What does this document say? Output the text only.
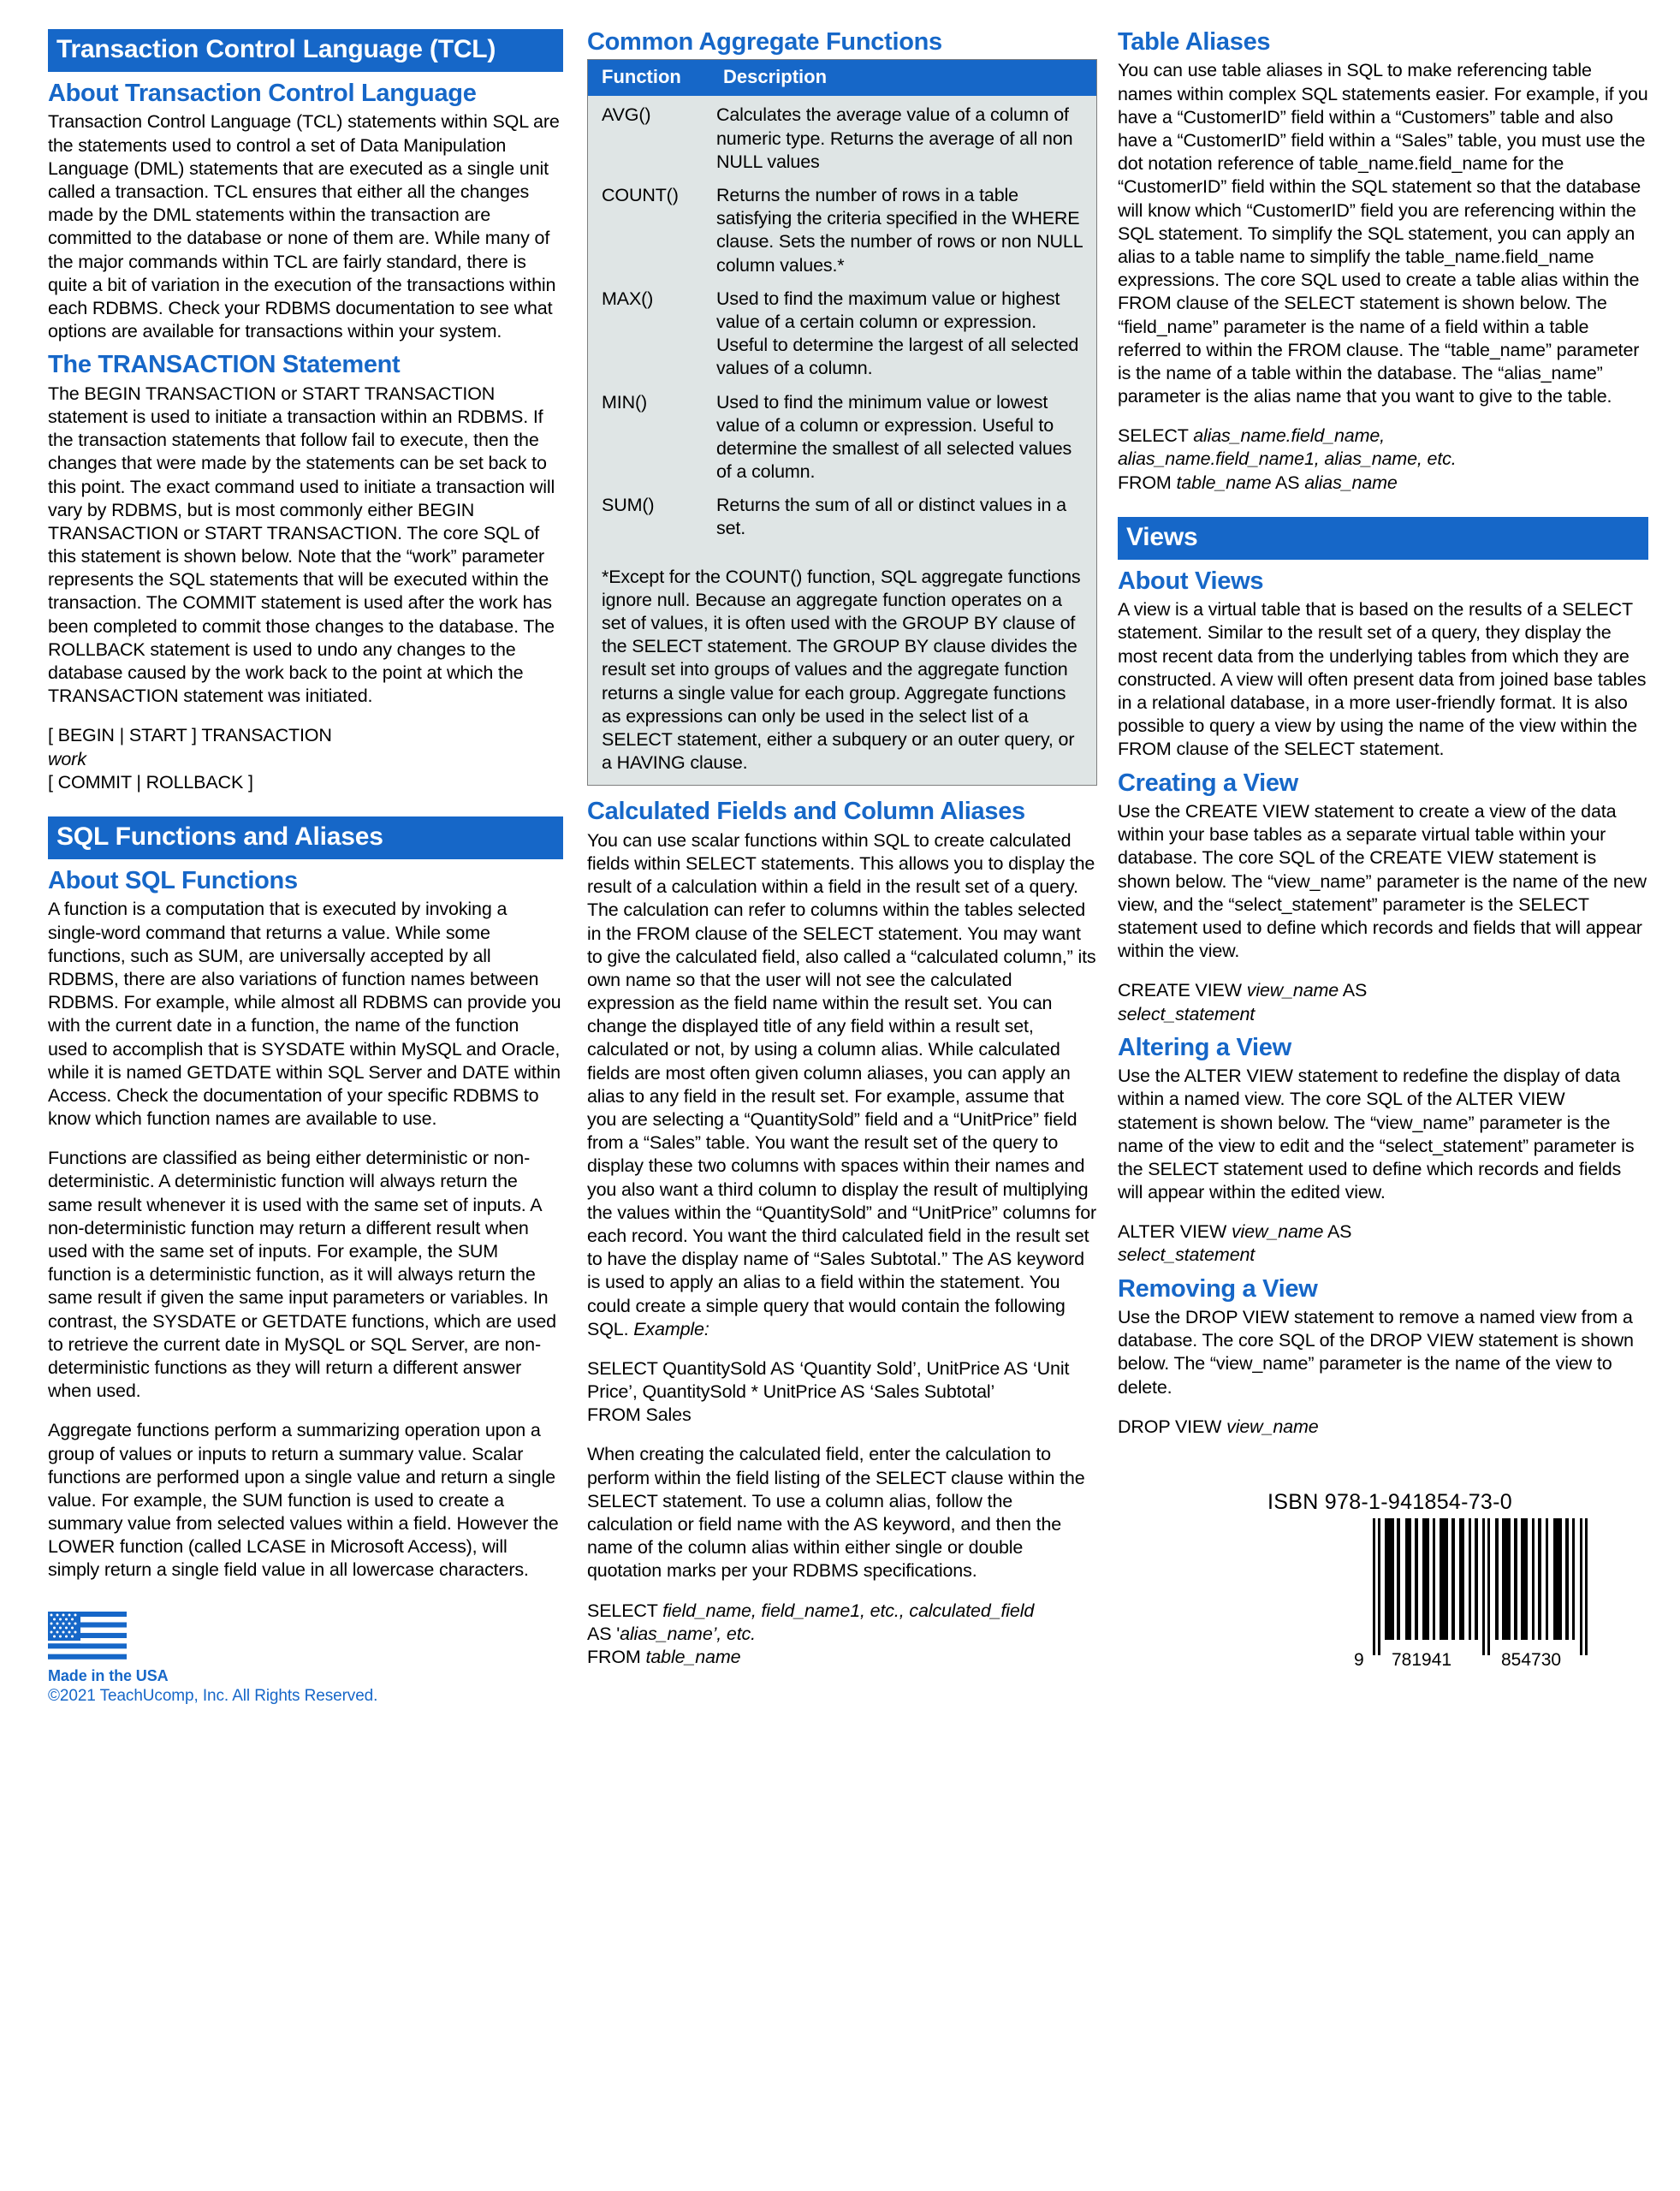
Transaction Control Language (TCL)
About Transaction Control Language

Transaction Control Language (TCL) statements within SQL are the statements used to control a set of Data Manipulation Language (DML) statements that are executed as a single unit called a transaction. TCL ensures that either all the changes made by the DML statements within the transaction are committed to the database or none of them are. While many of the major commands within TCL are fairly standard, there is quite a bit of variation in the execution of the transactions within each RDBMS. Check your RDBMS documentation to see what options are available for transactions within your system.

The TRANSACTION Statement

The BEGIN TRANSACTION or START TRANSACTION statement is used to initiate a transaction within an RDBMS. If the transaction statements that follow fail to execute, then the changes that were made by the statements can be set back to this point. The exact command used to initiate a transaction will vary by RDBMS, but is most commonly either BEGIN TRANSACTION or START TRANSACTION. The core SQL of this statement is shown below. Note that the “work” parameter represents the SQL statements that will be executed within the transaction. The COMMIT statement is used after the work has been completed to commit those changes to the database. The ROLLBACK statement is used to undo any changes to the database caused by the work back to the point at which the TRANSACTION statement was initiated.

[ BEGIN | START ] TRANSACTION
work
[ COMMIT | ROLLBACK ]
SQL Functions and Aliases
About SQL Functions

A function is a computation that is executed by invoking a single-word command that returns a value. While some functions, such as SUM, are universally accepted by all RDBMS, there are also variations of function names between RDBMS. For example, while almost all RDBMS can provide you with the current date in a function, the name of the function used to accomplish that is SYSDATE within MySQL and Oracle, while it is named GETDATE within SQL Server and DATE within Access. Check the documentation of your specific RDBMS to know which function names are available to use.

Functions are classified as being either deterministic or non-deterministic. A deterministic function will always return the same result whenever it is used with the same set of inputs. A non-deterministic function may return a different result when used with the same set of inputs. For example, the SUM function is a deterministic function, as it will always return the same result if given the same input parameters or variables. In contrast, the SYSDATE or GETDATE functions, which are used to retrieve the current date in MySQL or SQL Server, are non-deterministic functions as they will return a different answer when used.

Aggregate functions perform a summarizing operation upon a group of values or inputs to return a summary value. Scalar functions are performed upon a single value and return a single value. For example, the SUM function is used to create a summary value from selected values within a field. However the LOWER function (called LCASE in Microsoft Access), will simply return a single field value in all lowercase characters.

Made in the USA
©2021 TeachUcomp, Inc. All Rights Reserved.
Common Aggregate Functions
Function	Description
AVG()	Calculates the average value of a column of numeric type. Returns the average of all non NULL values
COUNT()	Returns the number of rows in a table satisfying the criteria specified in the WHERE clause. Sets the number of rows or non NULL column values.*
MAX()	Used to find the maximum value or highest value of a certain column or expression. Useful to determine the largest of all selected values of a column.
MIN()	Used to find the minimum value or lowest value of a column or expression. Useful to determine the smallest of all selected values of a column.
SUM()	Returns the sum of all or distinct values in a set.
*Except for the COUNT() function, SQL aggregate functions ignore null. Because an aggregate function operates on a set of values, it is often used with the GROUP BY clause of the SELECT statement. The GROUP BY clause divides the result set into groups of values and the aggregate function returns a single value for each group. Aggregate functions as expressions can only be used in the select list of a SELECT statement, either a subquery or an outer query, or a HAVING clause.
Calculated Fields and Column Aliases

You can use scalar functions within SQL to create calculated fields within SELECT statements. This allows you to display the result of a calculation within a field in the result set of a query. The calculation can refer to columns within the tables selected in the FROM clause of the SELECT statement. You may want to give the calculated field, also called a “calculated column,” its own name so that the user will not see the calculated expression as the field name within the result set. You can change the displayed title of any field within a result set, calculated or not, by using a column alias. While calculated fields are most often given column aliases, you can apply an alias to any field in the result set. For example, assume that you are selecting a “QuantitySold” field and a “UnitPrice” field from a “Sales” table. You want the result set of the query to display these two columns with spaces within their names and you also want a third column to display the result of multiplying the values within the “QuantitySold” and “UnitPrice” columns for each record. You want the third calculated field in the result set to have the display name of “Sales Subtotal.” The AS keyword is used to apply an alias to a field within the statement. You could create a simple query that would contain the following SQL. Example:

SELECT QuantitySold AS ‘Quantity Sold’, UnitPrice AS ‘Unit Price’, QuantitySold * UnitPrice AS ‘Sales Subtotal’
FROM Sales

When creating the calculated field, enter the calculation to perform within the field listing of the SELECT clause within the SELECT statement. To use a column alias, follow the calculation or field name with the AS keyword, and then the name of the column alias within either single or double quotation marks per your RDBMS specifications.

SELECT field_name, field_name1, etc., calculated_field
AS 'alias_name’, etc.
FROM table_name
Table Aliases

You can use table aliases in SQL to make referencing table names within complex SQL statements easier. For example, if you have a “CustomerID” field within a “Customers” table and also have a “CustomerID” field within a “Sales” table, you must use the dot notation reference of table_name.field_name for the “CustomerID” field within the SQL statement so that the database will know which “CustomerID” field you are referencing within the SQL statement. To simplify the SQL statement, you can apply an alias to a table name to simplify the table_name.field_name expressions. The core SQL used to create a table alias within the FROM clause of the SELECT statement is shown below. The “field_name” parameter is the name of a field within a table referred to within the FROM clause. The “table_name” parameter is the name of a table within the database. The “alias_name” parameter is the alias name that you want to give to the table.

SELECT alias_name.field_name,
alias_name.field_name1, alias_name, etc.
FROM table_name AS alias_name
Views
About Views

A view is a virtual table that is based on the results of a SELECT statement. Similar to the result set of a query, they display the most recent data from the underlying tables from which they are constructed. A view will often present data from joined base tables in a relational database, in a more user-friendly format. It is also possible to query a view by using the name of the view within the FROM clause of the SELECT statement.

Creating a View

Use the CREATE VIEW statement to create a view of the data within your base tables as a separate virtual table within your database. The core SQL of the CREATE VIEW statement is shown below. The “view_name” parameter is the name of the new view, and the “select_statement” parameter is the SELECT statement used to define which records and fields that will appear within the view.

CREATE VIEW view_name AS
select_statement
Altering a View

Use the ALTER VIEW statement to redefine the display of data within a named view. The core SQL of the ALTER VIEW statement is shown below. The “view_name” parameter is the name of the view to edit and the “select_statement” parameter is the SELECT statement used to define which records and fields will appear within the edited view.

ALTER VIEW view_name AS
select_statement
Removing a View

Use the DROP VIEW statement to remove a named view from a database. The core SQL of the DROP VIEW statement is shown below. The “view_name” parameter is the name of the view to delete.

DROP VIEW view_name
ISBN 978-1-941854-73-0
9 781941	854730
